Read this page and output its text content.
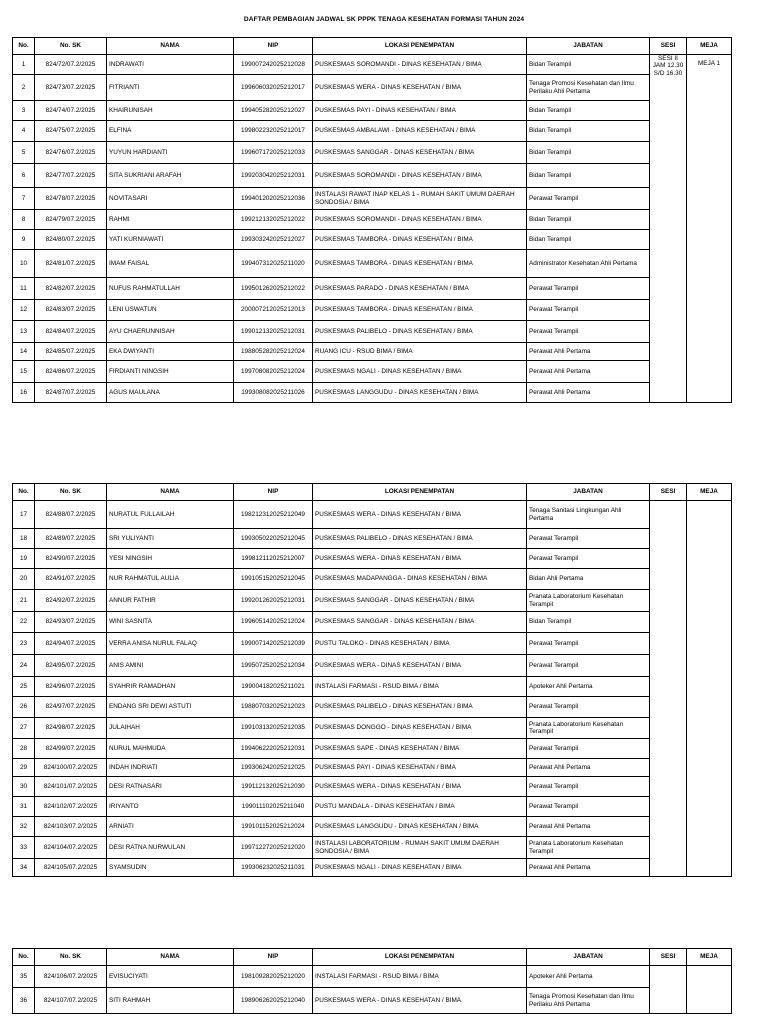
DAFTAR PEMBAGIAN JADWAL SK PPPK TENAGA KESEHATAN FORMASI TAHUN 2024
No.	No. SK	NAMA	NIP	LOKASI PENEMPATAN	JABATAN	SESI	MEJA
1	824/72/07.2/2025	INDRAWATI	199007242025212028	PUSKESMAS SOROMANDI - DINAS KESEHATAN / BIMA	Bidan Terampil	SESI II
JAM 12.30
S/D 16.30	MEJA 1
2	824/73/07.2/2025	FITRIANTI	199606032025212017	PUSKESMAS WERA - DINAS KESEHATAN / BIMA	Tenaga Promosi Kesehatan dan Ilmu Perilaku Ahli Pertama		
3	824/74/07.2/2025	KHAIRUNISAH	199405282025212027	PUSKESMAS PAYI - DINAS KESEHATAN / BIMA	Bidan Terampil		
4	824/75/07.2/2025	ELFINA	199802232025212017	PUSKESMAS AMBALAWI - DINAS KESEHATAN / BIMA	Bidan Terampil		
5	824/76/07.2/2025	YUYUN HARDIANTI	199607172025212033	PUSKESMAS SANGGAR - DINAS KESEHATAN / BIMA	Bidan Terampil		
6	824/77/07.2/2025	SITA SUKRIANI ARAFAH	199203042025212031	PUSKESMAS SOROMANDI - DINAS KESEHATAN / BIMA	Bidan Terampil		
7	824/78/07.2/2025	NOVITASARI	199401202025212036	INSTALASI RAWAT INAP KELAS 1 - RUMAH SAKIT UMUM DAERAH SONDOSIA / BIMA	Perawat Terampil		
8	824/79/07.2/2025	RAHMI	199212132025212022	PUSKESMAS SOROMANDI - DINAS KESEHATAN / BIMA	Bidan Terampil		
9	824/80/07.2/2025	YATI KURNIAWATI	199303242025212027	PUSKESMAS TAMBORA - DINAS KESEHATAN / BIMA	Bidan Terampil		
10	824/81/07.2/2025	IMAM FAISAL	199407312025211020	PUSKESMAS TAMBORA - DINAS KESEHATAN / BIMA	Administrator Kesehatan Ahli Pertama		
11	824/82/07.2/2025	NUFUS RAHMATULLAH	199501262025212022	PUSKESMAS PARADO - DINAS KESEHATAN / BIMA	Perawat Terampil		
12	824/83/07.2/2025	LENI USWATUN	200007212025212013	PUSKESMAS TAMBORA - DINAS KESEHATAN / BIMA	Perawat Terampil		
13	824/84/07.2/2025	AYU CHAERUNNISAH	199012132025212031	PUSKESMAS PALIBELO - DINAS KESEHATAN / BIMA	Perawat Terampil		
14	824/85/07.2/2025	EKA DWIYANTI	198805282025212024	RUANG ICU - RSUD BIMA / BIMA	Perawat Ahli Pertama		
15	824/86/07.2/2025	FIRDIANTI NINGSIH	199708082025212024	PUSKESMAS NGALI - DINAS KESEHATAN / BIMA	Perawat Ahli Pertama		
16	824/87/07.2/2025	AGUS MAULANA	199308082025211026	PUSKESMAS LANGGUDU - DINAS KESEHATAN / BIMA	Perawat Ahli Pertama		
No.	No. SK	NAMA	NIP	LOKASI PENEMPATAN	JABATAN	SESI	MEJA
17	824/88/07.2/2025	NURATUL FULLAILAH	198212312025212049	PUSKESMAS WERA - DINAS KESEHATAN / BIMA	Tenaga Sanitasi Lingkungan Ahli Pertama		
18	824/89/07.2/2025	SRI YULIYANTI	199305022025212045	PUSKESMAS PALIBELO - DINAS KESEHATAN / BIMA	Perawat Terampil		
19	824/90/07.2/2025	YESI NINGSIH	199812112025212007	PUSKESMAS WERA - DINAS KESEHATAN / BIMA	Perawat Terampil		
20	824/91/07.2/2025	NUR RAHMATUL AULIA	199105152025212045	PUSKESMAS MADAPANGGA - DINAS KESEHATAN / BIMA	Bidan Ahli Pertama		
21	824/92/07.2/2025	ANNUR FATHIR	199201262025212031	PUSKESMAS SANGGAR - DINAS KESEHATAN / BIMA	Pranata Laboratorium Kesehatan Terampil		
22	824/93/07.2/2025	WINI SASNITA	199605142025212024	PUSKESMAS SANGGAR - DINAS KESEHATAN / BIMA	Bidan Terampil		
23	824/94/07.2/2025	VERRA ANISA NURUL FALAQ	199007142025212039	PUSTU TALOKO - DINAS KESEHATAN / BIMA	Perawat Terampil		
24	824/95/07.2/2025	ANIS AMINI	199507252025212034	PUSKESMAS WERA - DINAS KESEHATAN / BIMA	Perawat Terampil		
25	824/96/07.2/2025	SYAHRIR RAMADHAN	199004182025211021	INSTALASI FARMASI - RSUD BIMA / BIMA	Apoteker Ahli Pertama		
26	824/97/07.2/2025	ENDANG SRI DEWI ASTUTI	198807032025212023	PUSKESMAS PALIBELO - DINAS KESEHATAN / BIMA	Perawat Terampil		
27	824/98/07.2/2025	JULAIHAH	199103132025212035	PUSKESMAS DONGGO - DINAS KESEHATAN / BIMA	Pranata Laboratorium Kesehatan Terampil		
28	824/99/07.2/2025	NURUL MAHMUDA	199406222025212031	PUSKESMAS SAPE - DINAS KESEHATAN / BIMA	Perawat Terampil		
29	824/100/07.2/2025	INDAH INDRIATI	199306242025212025	PUSKESMAS PAYI - DINAS KESEHATAN / BIMA	Perawat Ahli Pertama		
30	824/101/07.2/2025	DESI RATNASARI	199112132025212030	PUSKESMAS WERA - DINAS KESEHATAN / BIMA	Perawat Terampil		
31	824/102/07.2/2025	IRIYANTO	199011102025211040	PUSTU MANDALA - DINAS KESEHATAN / BIMA	Perawat Terampil		
32	824/103/07.2/2025	ARNIATI	199101152025212024	PUSKESMAS LANGGUDU - DINAS KESEHATAN / BIMA	Perawat Ahli Pertama		
33	824/104/07.2/2025	DESI RATNA NURWULAN	199712272025212020	INSTALASI LABORATORIUM - RUMAH SAKIT UMUM DAERAH SONDOSIA / BIMA	Pranata Laboratorium Kesehatan Terampil		
34	824/105/07.2/2025	SYAMSUDIN	199306232025211031	PUSKESMAS NGALI - DINAS KESEHATAN / BIMA	Perawat Ahli Pertama		
No.	No. SK	NAMA	NIP	LOKASI PENEMPATAN	JABATAN	SESI	MEJA
35	824/106/07.2/2025	EVISUCIYATI	198109282025212020	INSTALASI FARMASI - RSUD BIMA / BIMA	Apoteker Ahli Pertama		
36	824/107/07.2/2025	SITI RAHMAH	198906262025212040	PUSKESMAS WERA - DINAS KESEHATAN / BIMA	Tenaga Promosi Kesehatan dan Ilmu Perilaku Ahli Pertama		
